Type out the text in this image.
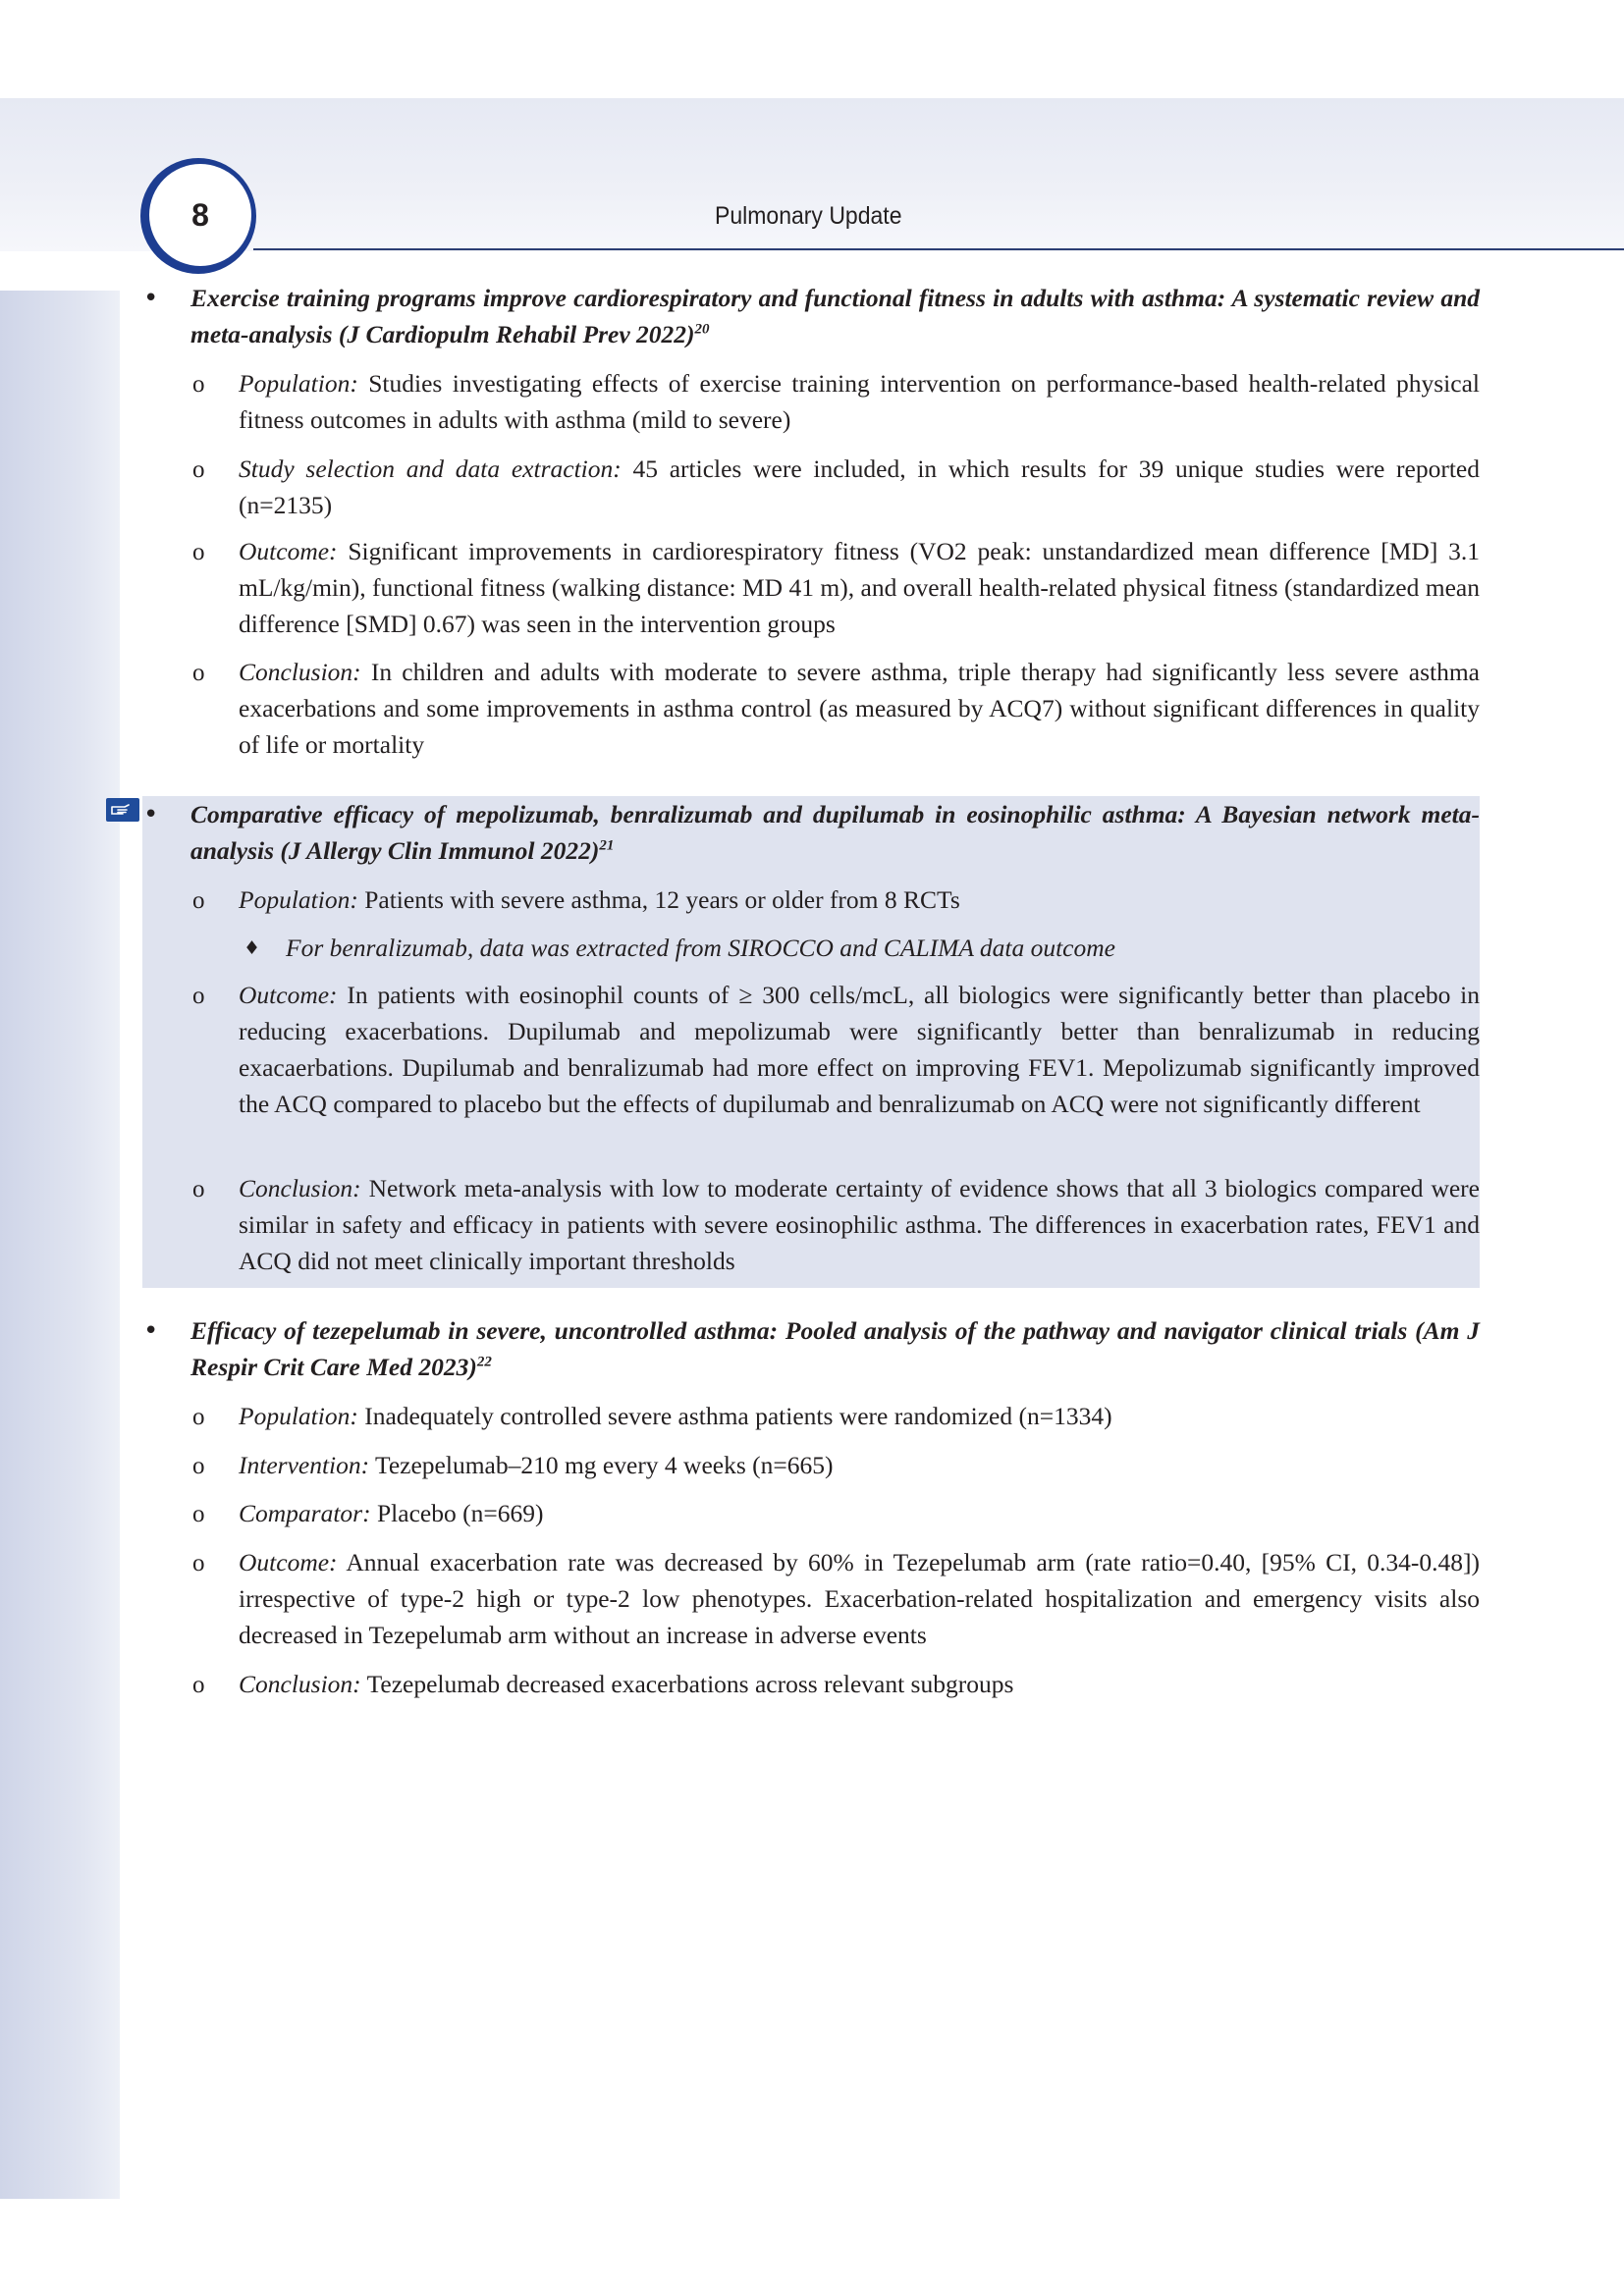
8	Pulmonary Update
• Exercise training programs improve cardiorespiratory and functional fitness in adults with asthma: A systematic review and meta-analysis (J Cardiopulm Rehabil Prev 2022)$^{20}$
o Population: Studies investigating effects of exercise training intervention on performance-based health-related physical fitness outcomes in adults with asthma (mild to severe)
o Study selection and data extraction: 45 articles were included, in which results for 39 unique studies were reported (n=2135)
o Outcome: Significant improvements in cardiorespiratory fitness (VO2 peak: unstandardized mean difference [MD] 3.1 mL/kg/min), functional fitness (walking distance: MD 41 m), and overall health-related physical fitness (standardized mean difference [SMD] 0.67) was seen in the intervention groups
o Conclusion: In children and adults with moderate to severe asthma, triple therapy had significantly less severe asthma exacerbations and some improvements in asthma control (as measured by ACQ7) without significant differences in quality of life or mortality
• Comparative efficacy of mepolizumab, benralizumab and dupilumab in eosinophilic asthma: A Bayesian network meta-analysis (J Allergy Clin Immunol 2022)$^{21}$
o Population: Patients with severe asthma, 12 years or older from 8 RCTs
♦ For benralizumab, data was extracted from SIROCCO and CALIMA data outcome
o Outcome: In patients with eosinophil counts of ≥ 300 cells/mcL, all biologics were significantly better than placebo in reducing exacerbations. Dupilumab and mepolizumab were significantly better than benralizumab in reducing exacaerbations. Dupilumab and benralizumab had more effect on improving FEV1. Mepolizumab significantly improved the ACQ compared to placebo but the effects of dupilumab and benralizumab on ACQ were not significantly different
o Conclusion: Network meta-analysis with low to moderate certainty of evidence shows that all 3 biologics compared were similar in safety and efficacy in patients with severe eosinophilic asthma. The differences in exacerbation rates, FEV1 and ACQ did not meet clinically important thresholds
• Efficacy of tezepelumab in severe, uncontrolled asthma: Pooled analysis of the pathway and navigator clinical trials (Am J Respir Crit Care Med 2023)$^{22}$
o Population: Inadequately controlled severe asthma patients were randomized (n=1334)
o Intervention: Tezepelumab–210 mg every 4 weeks (n=665)
o Comparator: Placebo (n=669)
o Outcome: Annual exacerbation rate was decreased by 60% in Tezepelumab arm (rate ratio=0.40, [95% CI, 0.34-0.48]) irrespective of type-2 high or type-2 low phenotypes. Exacerbation-related hospitalization and emergency visits also decreased in Tezepelumab arm without an increase in adverse events
o Conclusion: Tezepelumab decreased exacerbations across relevant subgroups
